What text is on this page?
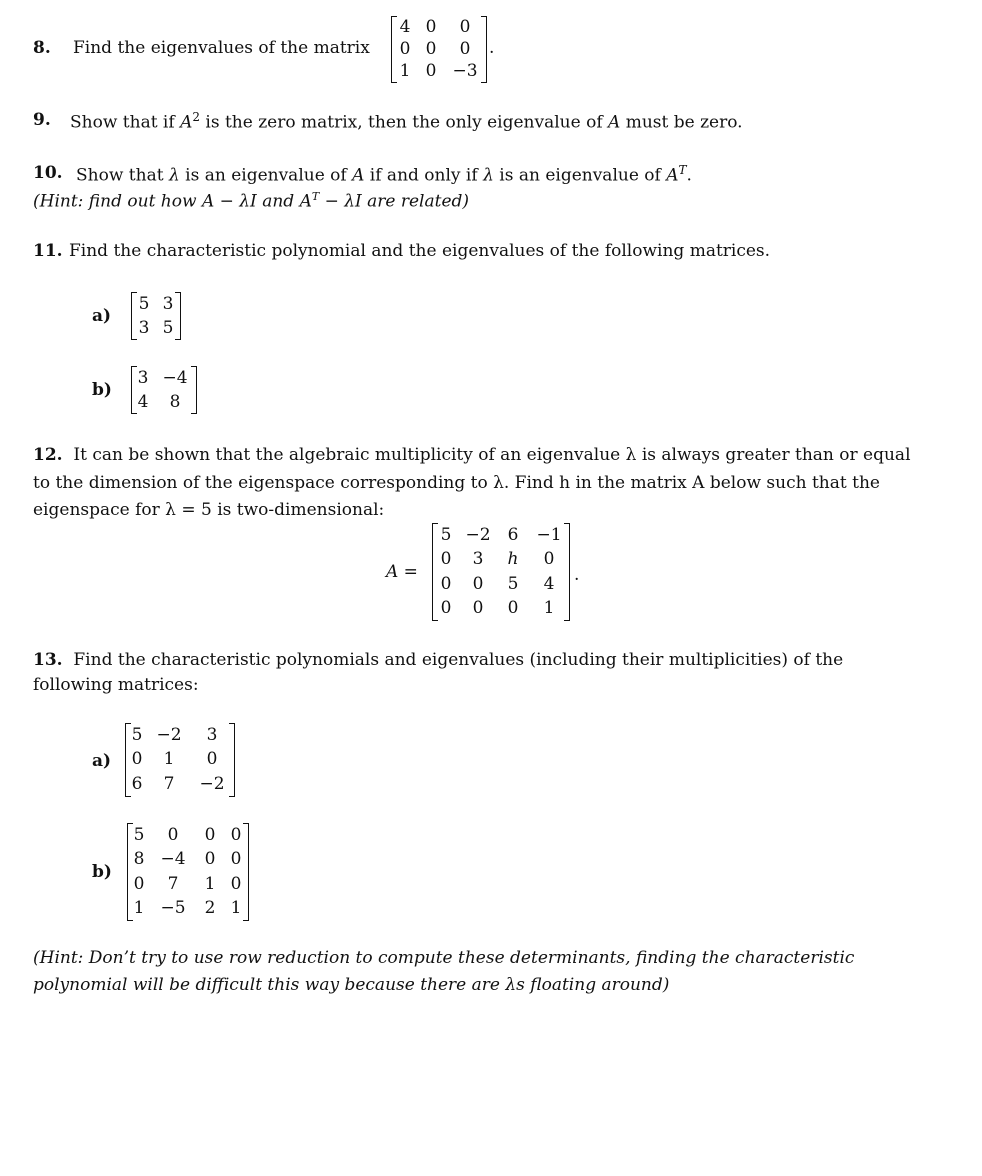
8. Find the eigenvalues of the matrix
4 0	0
0 0	0
1 0 −3
.
9. Show that if $A^2$ is the zero matrix, then the only eigenvalue of A must be zero.
10. Show that λ is an eigenvalue of A if and only if λ is an eigenvalue of $A^T$.
(Hint: find out how A − λI and $A^T - \lambda I$ are related)
11. Find the characteristic polynomial and the eigenvalues of the following matrices.
a)
5 3
3 5
b)
3 −4
4	8
12. It can be shown that the algebraic multiplicity of an eigenvalue λ is always greater than or equal
to the dimension of the eigenspace corresponding to λ. Find h in the matrix A below such that the
eigenspace for λ = 5 is two-dimensional:
A =
5 −2	6	−1
0	3	h	0
0	0	5	4
0	0	0	1
.
13. Find the characteristic polynomials and eigenvalues (including their multiplicities) of the
following matrices:
a)
5 −2	3
0	1	0
6	7	−2
b)
5	0	0 0
8 −4	0 0
0	7	1 0
1 −5	2 1
(Hint: Don’t try to use row reduction to compute these determinants, finding the characteristic
polynomial will be difficult this way because there are λs floating around)
